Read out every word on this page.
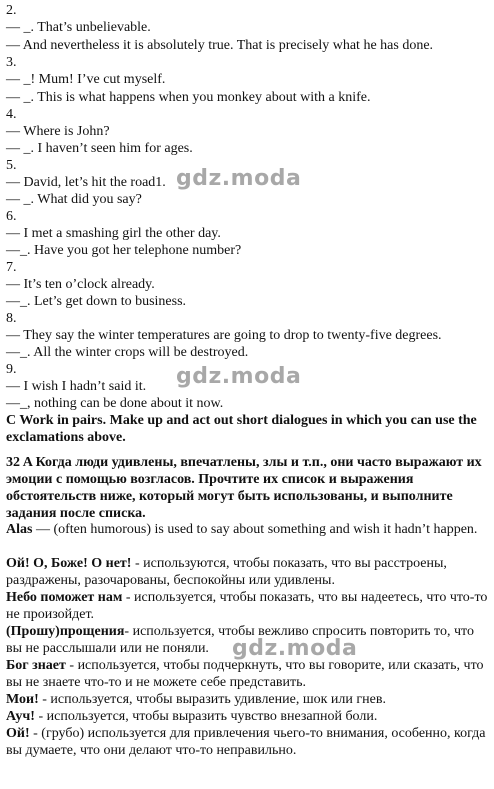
2.
— _. That’s unbelievable.
— And nevertheless it is absolutely true. That is precisely what he has done.
3.
— _! Mum! I’ve cut myself.
— _. This is what happens when you monkey about with a knife.
4.
— Where is John?
— _. I haven’t seen him for ages.
5.
— David, let’s hit the road1.
— _. What did you say?
6.
— I met a smashing girl the other day.
—_. Have you got her telephone number?
7.
— It’s ten o’clock already.
—_. Let’s get down to business.
8.
— They say the winter temperatures are going to drop to twenty-five degrees.
—_. All the winter crops will be destroyed.
9.
— I wish I hadn’t said it.
—_, nothing can be done about it now.
C Work in pairs. Make up and act out short dialogues in which you can use the exclamations above.
32 A Когда люди удивлены, впечатлены, злы и т.п., они часто выражают их эмоции с помощью возгласов. Прочтите их список и выражения обстоятельств ниже, который могут быть использованы, и выполните задания после списка.
Alas — (often humorous) is used to say about something and wish it hadn’t happen.
Ой! О, Боже! О нет! - используются, чтобы показать, что вы расстроены, раздражены, разочарованы, беспокойны или удивлены.
Небо поможет нам - используется, чтобы показать, что вы надеетесь, что что-то не произойдет.
(Прошу)прощения- используется, чтобы вежливо спросить повторить то, что вы не расслышали или не поняли.
Бог знает - используется, чтобы подчеркнуть, что вы говорите, или сказать, что вы не знаете что-то и не можете себе представить.
Мои! - используется, чтобы выразить удивление, шок или гнев.
Ауч! - используется, чтобы выразить чувство внезапной боли.
Ой! - (грубо) используется для привлечения чьего-то внимания, особенно, когда вы думаете, что они делают что-то неправильно.
gdz.moda
gdz.moda
gdz.moda
